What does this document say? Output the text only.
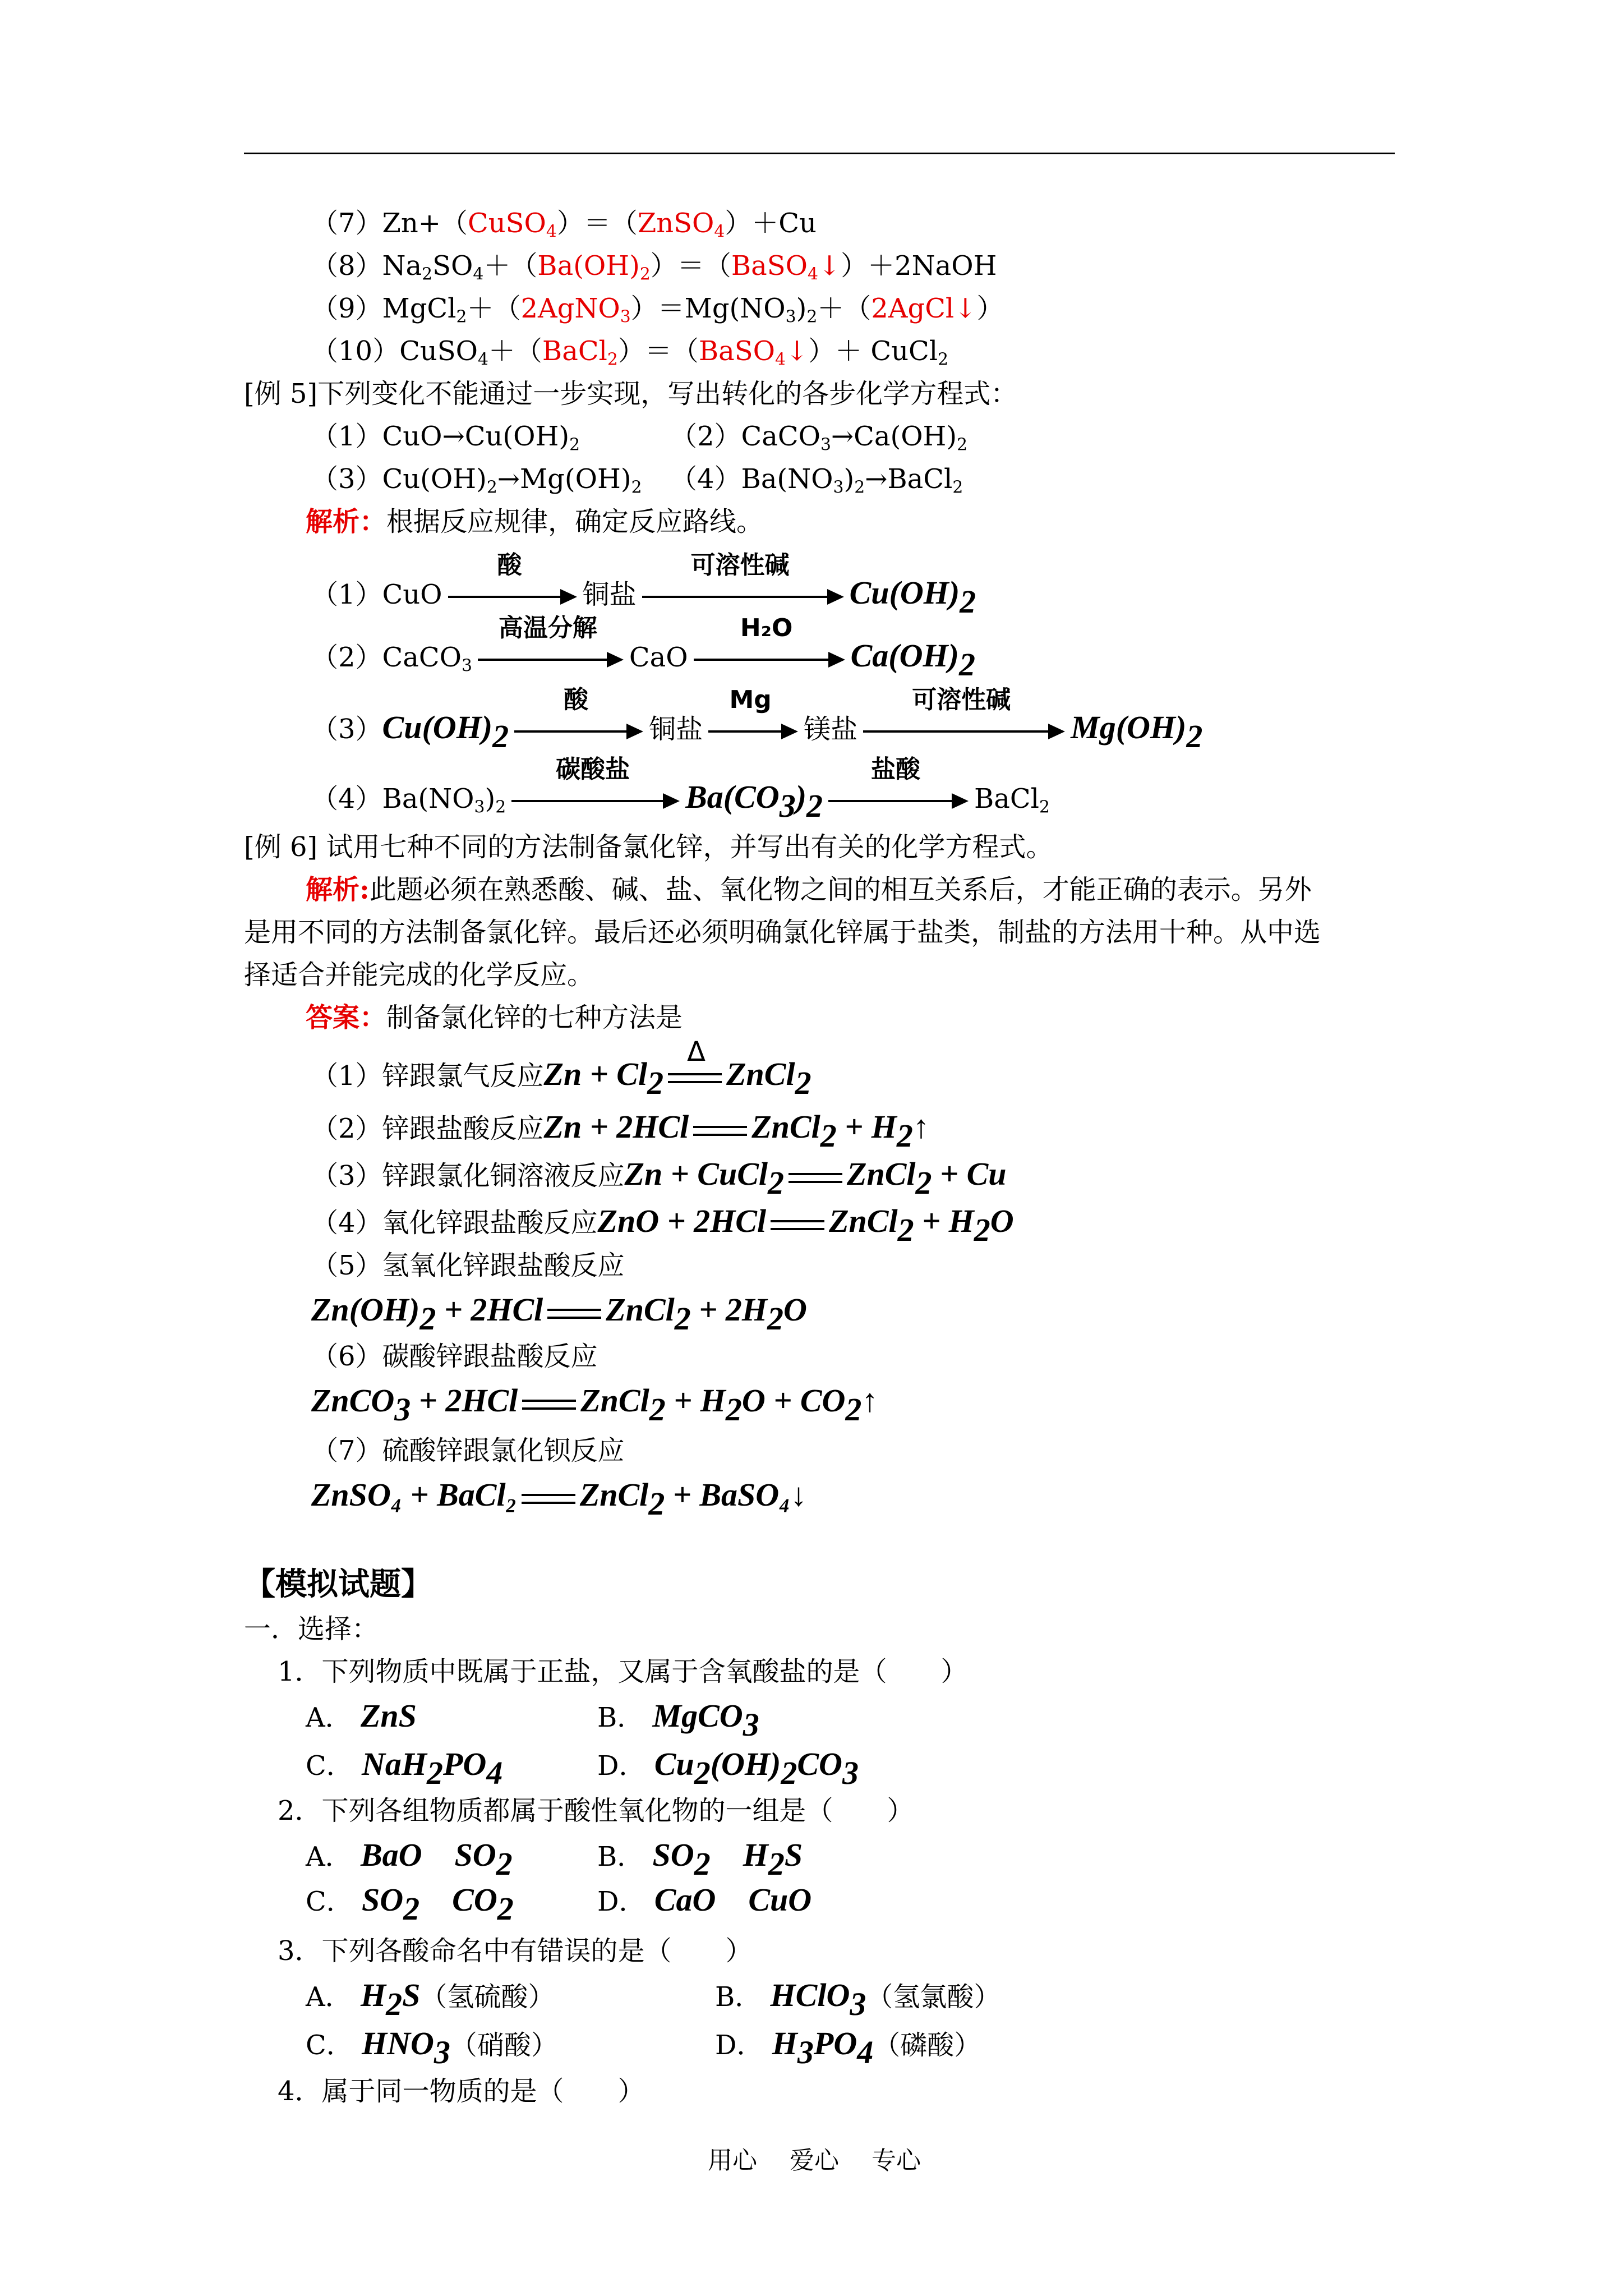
（7）Zn+（CuSO$_4$）＝（ZnSO$_4$）＋Cu
$(8)Na_2SO_4+(Ba(OH)_2)=(BaSO_4↓)+2NaOH$
$(9)MgCl_2+(2AgNO_3)=Mg(NO_3)_2+(2AgCl↓)$
（10）CuSO$_4$＋（BaCl$_2$）＝（BaSO$_4$↓）＋ CuCl$_2$
[例 5]下列变化不能通过一步实现，写出转化的各步化学方程式：
$(1)CuO\to Cu(OH)_2$	$(2)CaCO_3\to Ca(OH)_2$
$(3)Cu(OH)_2\to Mg(OH)_2$ $(4)Ba(NO_3)_2\to BaCl_2$
解析：根据反应规律，确定反应路线。
（1）CuO
酸
铜盐
可溶性碱
$Cu(OH)_2$
（2）CaCO$_3$
高温分解
CaO
H₂O
$Ca(OH)_2$
$(3)Cu(OH)_2$
酸
铜盐
Mg
镁盐
可溶性碱
$Mg(OH)_2$
$(4)Ba(NO_3)_2$
碳酸盐
$Ba(CO_3)_2$
盐酸
BaCl$_2$
[例 6] 试用七种不同的方法制备氯化锌，并写出有关的化学方程式。
解析:此题必须在熟悉酸、碱、盐、氧化物之间的相互关系后，才能正确的表示。另外
是用不同的方法制备氯化锌。最后还必须明确氯化锌属于盐类，制盐的方法用十种。从中选
择适合并能完成的化学反应。
答案：制备氯化锌的七种方法是
（1）锌跟氯气反应$Zn + Cl_2$
Δ
ZnCl$_2$
（2）锌跟盐酸反应Zn + 2HCl ZnCl$_2$ + $H_2↑$
（3）锌跟氯化铜溶液反应Zn + CuCl$_2$ ZnCl$_2$ + Cu
（4）氧化锌跟盐酸反应ZnO + 2HCl ZnCl$_2$ + $H_2O$
（5）氢氧化锌跟盐酸反应
$Zn(OH)_2 + 2HCl$ ZnCl$_2$ + $2H_2O$
（6）碳酸锌跟盐酸反应
ZnCO$_3$ + 2HCl ZnCl$_2$ + $H_2O$ + $CO_2↑$
（7）硫酸锌跟氯化钡反应
ZnSO₄ + BaCl₂ ZnCl$_2$ + BaSO₄↓
【模拟试题】
一．选择：
1．下列物质中既属于正盐，又属于含氧酸盐的是（　　）
A． ZnS	B． MgCO$_3$
C． $NaH_2PO_4$	D． $Cu_2(OH)_2CO_3$
2．下列各组物质都属于酸性氧化物的一组是（　　）
A． BaO　$SO_2$	B． $SO_2$　$H_2S$
C． $SO_2$　$CO_2$	D． CaO　CuO
3．下列各酸命名中有错误的是（　　）
A． $H_2S$（氢硫酸）	B． HClO$_3$（氢氯酸）
C． $HNO_3$（硝酸）	D． $H_3PO_4$（磷酸）
4．属于同一物质的是（　　）
用心　 爱心　 专心
